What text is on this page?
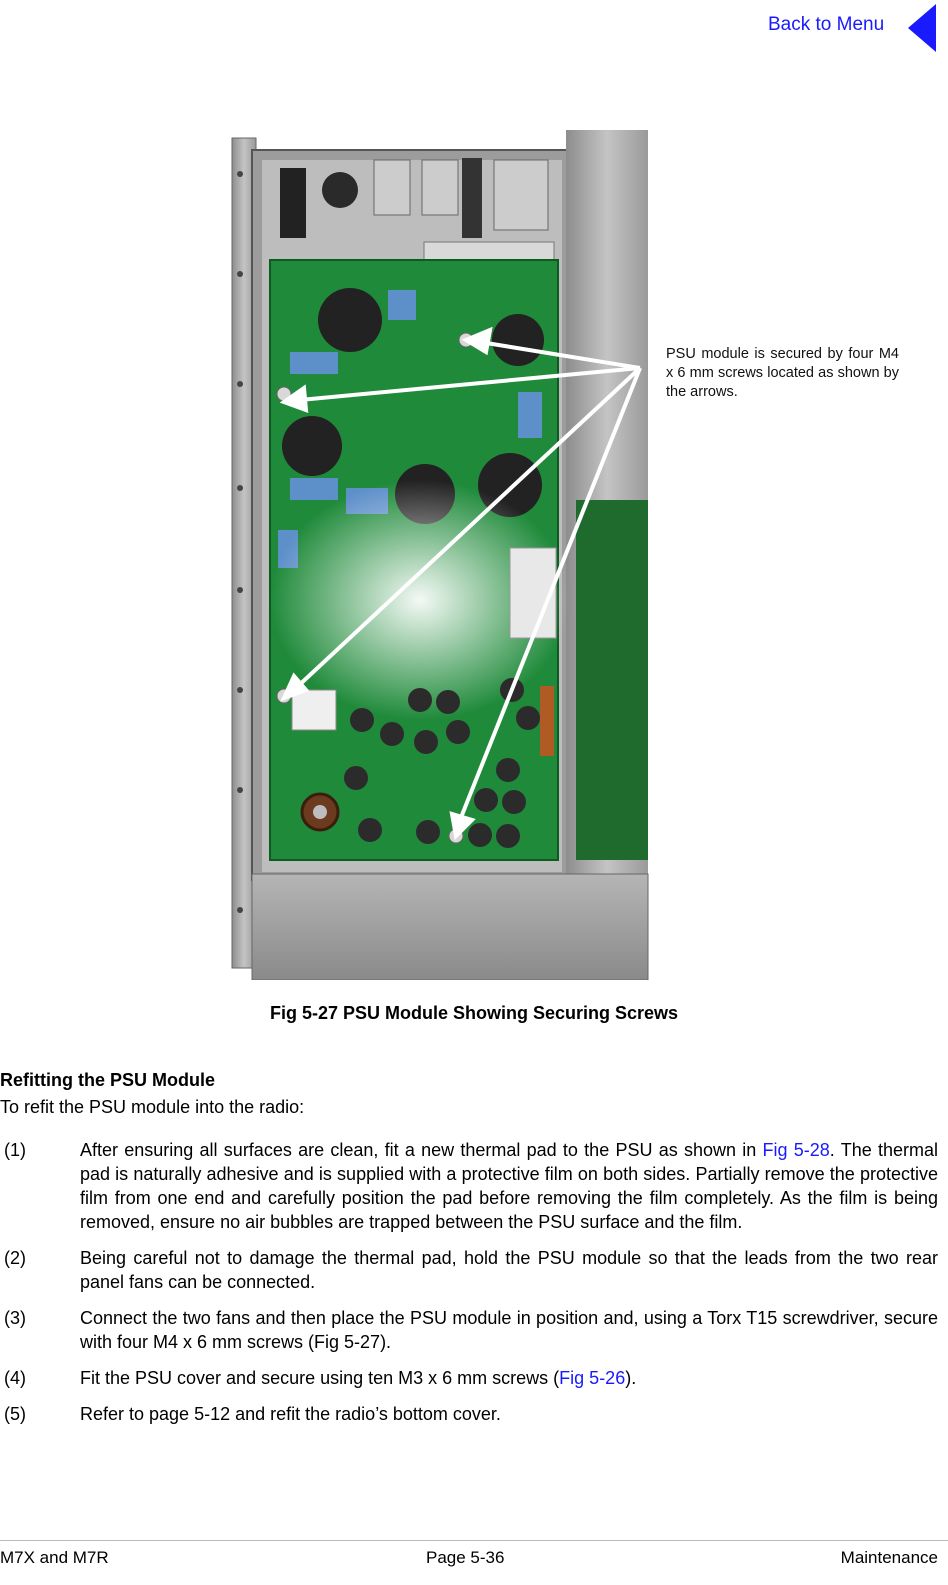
Back to Menu
PSU module is secured by four M4 x 6 mm screws located as shown by the arrows.
Fig 5-27 PSU Module Showing Securing Screws
Refitting the PSU Module
To refit the PSU module into the radio:
(1)	After ensuring all surfaces are clean, fit a new thermal pad to the PSU as shown in Fig 5-28. The thermal pad is naturally adhesive and is supplied with a protective film on both sides. Partially remove the protective film from one end and carefully position the pad before removing the film completely. As the film is being removed, ensure no air bubbles are trapped between the PSU surface and the film.
(2)	Being careful not to damage the thermal pad, hold the PSU module so that the leads from the two rear panel fans can be connected.
(3)	Connect the two fans and then place the PSU module in position and, using a Torx T15 screwdriver, secure with four M4 x 6 mm screws (Fig 5-27).
(4)	Fit the PSU cover and secure using ten M3 x 6 mm screws (Fig 5-26).
(5)	Refer to page 5-12 and refit the radio’s bottom cover.
M7X and M7R	Page 5-36	Maintenance
